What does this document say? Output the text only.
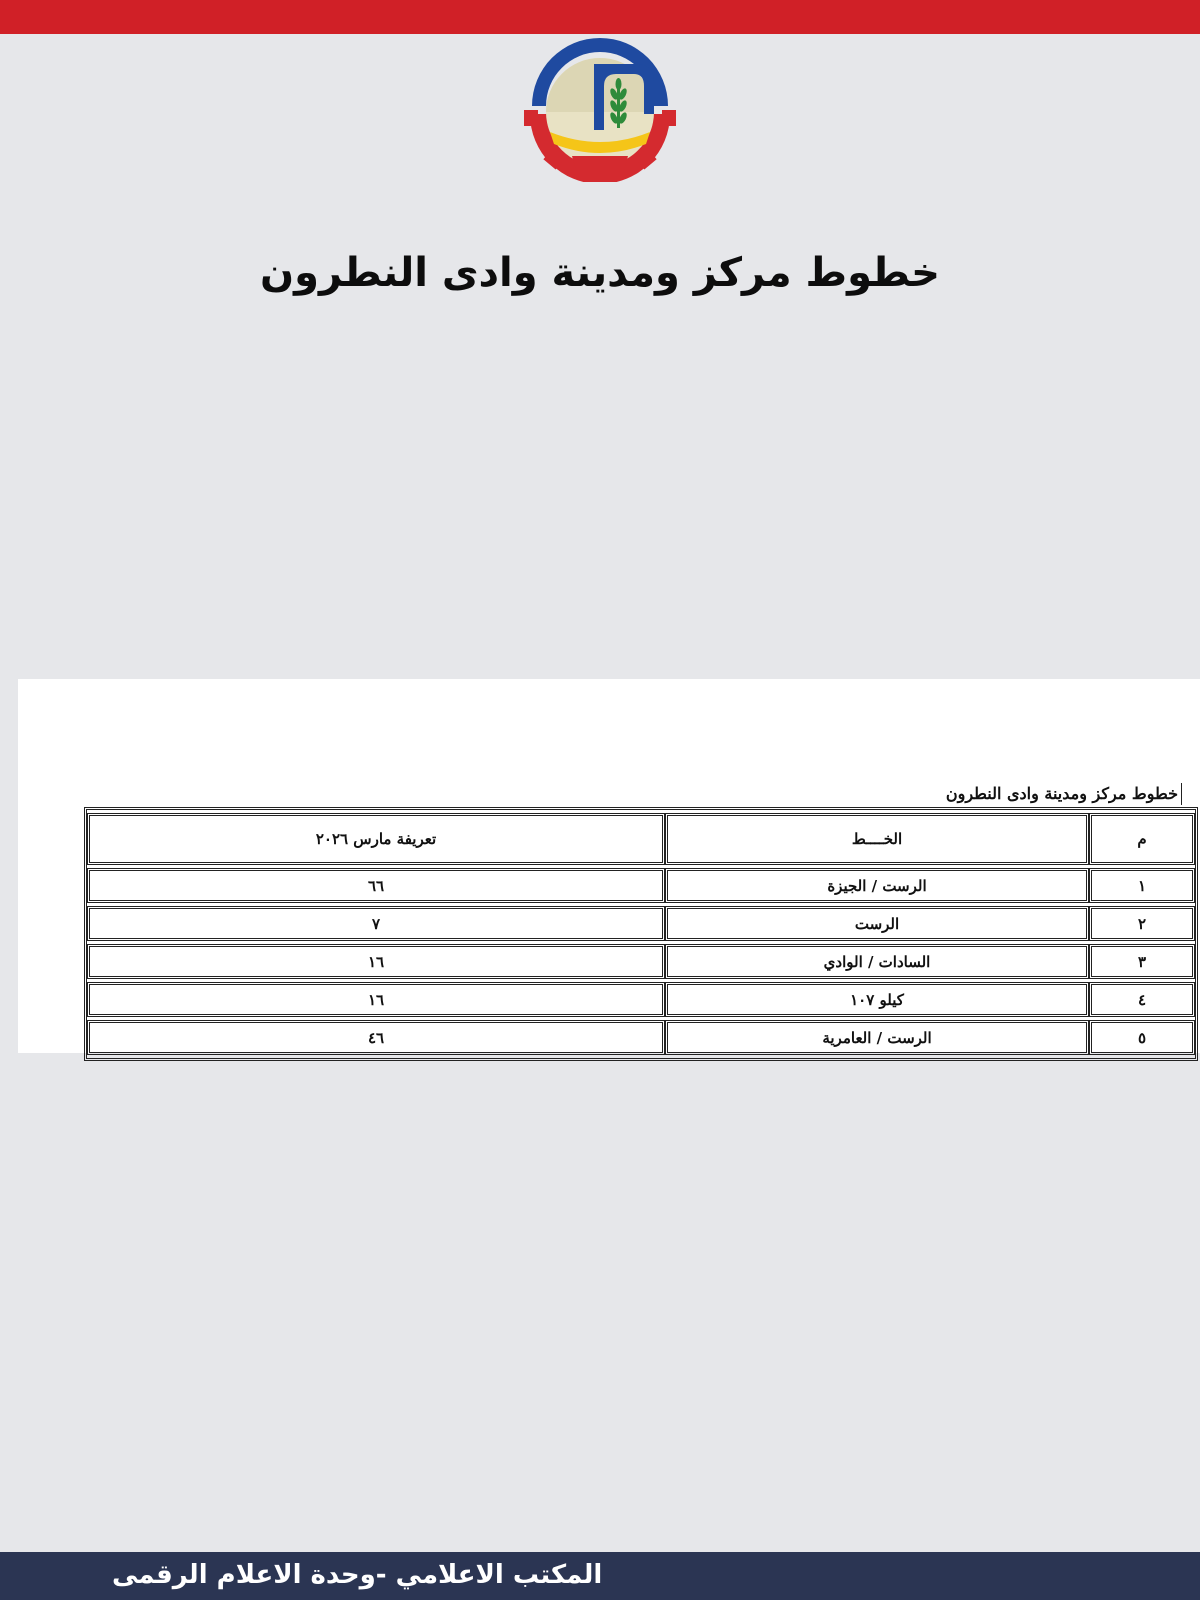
خطوط مركز ومدينة وادى النطرون

خطوط مركز ومدينة وادى النطرون

م	الخــــط	تعريفة مارس ٢٠٢٦
١	الرست / الجيزة	٦٦
٢	الرست	٧
٣	السادات / الوادي	١٦
٤	كيلو ١٠٧	١٦
٥	الرست / العامرية	٤٦

المكتب الاعلامي -وحدة الاعلام الرقمى
